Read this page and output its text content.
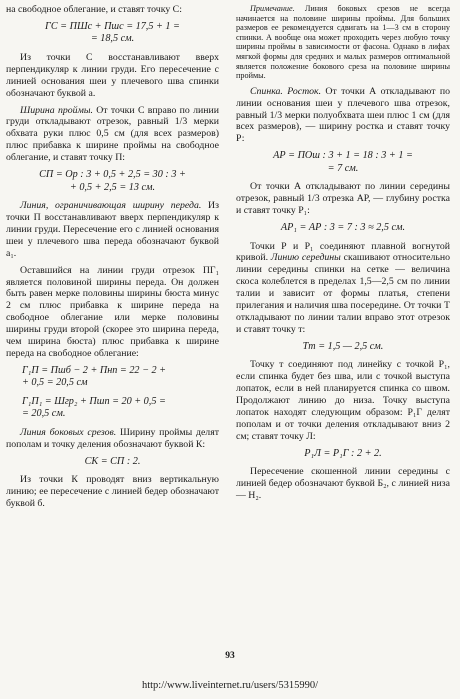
на свободное облегание, и ставят точку С:

ГС = ПШс + Пшс = 17,5 + 1 =
= 18,5 см.

Из точки С восстанавливают вверх перпендикуляр к линии груди. Его пересечение с линией основания шеи у плечевого шва спинки обозначают буквой а.

Ширина проймы. От точки С вправо по линии груди откладывают отрезок, равный 1/3 мерки обхвата руки плюс 0,5 см (для всех размеров) плюс прибавка к ширине проймы на свободное облегание, и ставят точку П:

СП = Ор : 3 + 0,5 + 2,5 = 30 : 3 +
+ 0,5 + 2,5 = 13 см.

Линия, ограничивающая ширину переда. Из точки П восстанавливают вверх перпендикуляр к линии груди. Пересечение его с линией основания шеи у плечевого шва переда обозначают буквой а₁.

Оставшийся на линии груди отрезок ПГ₁ является половиной ширины переда. Он должен быть равен мерке половины ширины бюста минус 2 см плюс прибавка к ширине переда на свободное облегание или мерке половины ширины груди второй (скорее это ширина переда, чем ширина бюста) плюс прибавка к ширине переда на свободное облегание:

Г₁П = Пшб − 2 + Пнп = 22 − 2 +
+ 0,5 = 20,5 см
Г₁П₁ = Шгр₂ + Пшп = 20 + 0,5 =
= 20,5 см.

Линия боковых срезов. Ширину проймы делят пополам и точку деления обозначают буквой К:

СК = СП : 2.

Из точки К проводят вниз вертикальную линию; ее пересечение с линией бедер обозначают буквой б.

Примечание. Линия боковых срезов не всегда начинается на половине ширины проймы. Для больших размеров ее рекомендуется сдвигать на 1—3 см в сторону спинки. А вообще она может проходить через любую точку ширины проймы в зависимости от фасона. Однако в лифах мягкой формы для средних и малых размеров оптимальной является положение бокового среза на половине ширины проймы.

Спинка. Росток. От точки А откладывают по линии основания шеи у плечевого шва отрезок, равный 1/3 мерки полуобхвата шеи плюс 1 см (для всех размеров), — ширину ростка и ставят точку Р:

АР = ПОш : 3 + 1 = 18 : 3 + 1 =
= 7 см.

От точки А откладывают по линии середины отрезок, равный 1/3 отрезка АР, — глубину ростка и ставят точку Р₁:

АР₁ = АР : 3 = 7 : 3 ≈ 2,5 см.

Точки Р и Р₁ соединяют плавной вогнутой кривой. Линию середины скашивают относительно линии середины спинки на сетке — величина скоса колеблется в пределах 1,5—2,5 см по линии талии и зависит от формы платья, степени прилегания и наличия шва посередине. От точки Т откладывают по линии талии вправо этот отрезок и ставят точку т:

Тт = 1,5 — 2,5 см.

Точку т соединяют под линейку с точкой Р₁, если спинка будет без шва, или с точкой выступа лопаток, если в ней планируется спинка со швом. Продолжают линию до низа. Точку выступа лопаток находят следующим образом: Р₁Г делят пополам и от точки деления откладывают вниз 2 см; ставят точку Л:

Р₁Л = Р₁Г : 2 + 2.

Пересечение скошенной линии середины с линией бедер обозначают буквой Б₂, с линией низа — Н₂.

93
http://www.liveinternet.ru/users/5315990/
